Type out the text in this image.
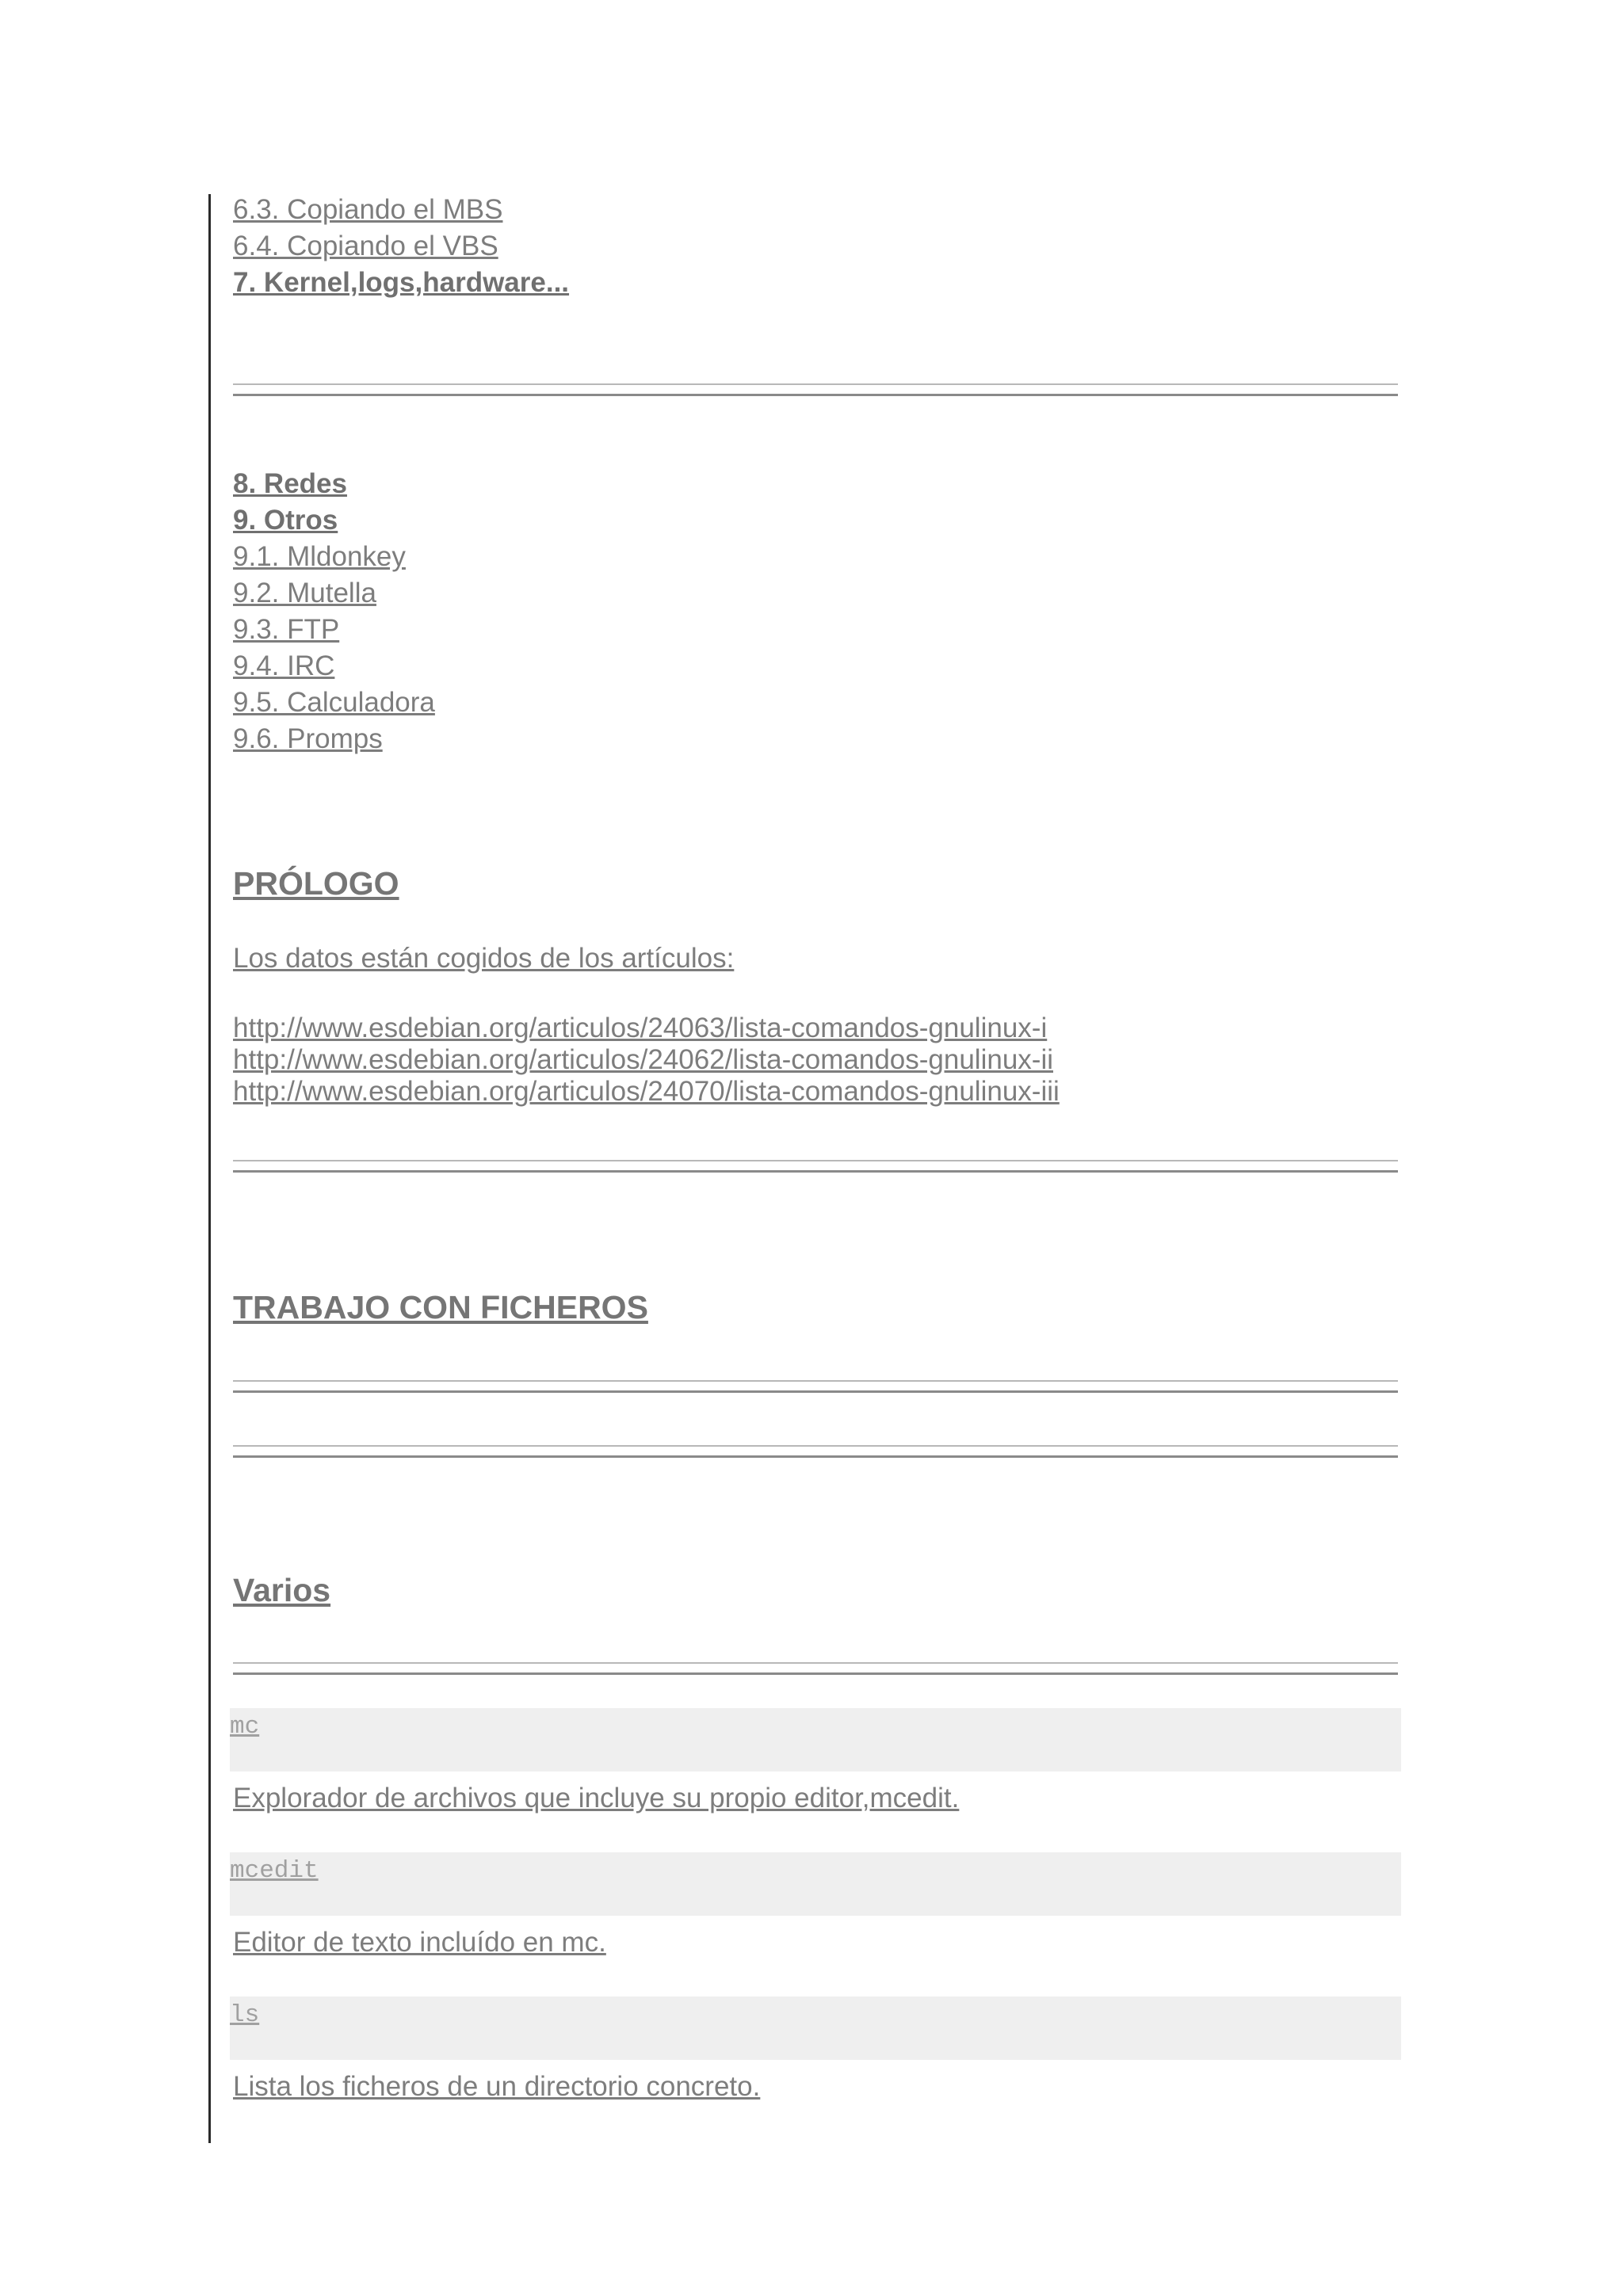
6.3. Copiando el MBS
6.4. Copiando el VBS
7. Kernel,logs,hardware...
8. Redes
9. Otros
9.1. Mldonkey
9.2. Mutella
9.3. FTP
9.4. IRC
9.5. Calculadora
9.6. Promps
PRÓLOGO
Los datos están cogidos de los artículos:
http://www.esdebian.org/articulos/24063/lista-comandos-gnulinux-i
http://www.esdebian.org/articulos/24062/lista-comandos-gnulinux-ii
http://www.esdebian.org/articulos/24070/lista-comandos-gnulinux-iii
TRABAJO CON FICHEROS
Varios
mc
Explorador de archivos que incluye su propio editor,mcedit.
mcedit
Editor de texto incluído en mc.
ls
Lista los ficheros de un directorio concreto.
